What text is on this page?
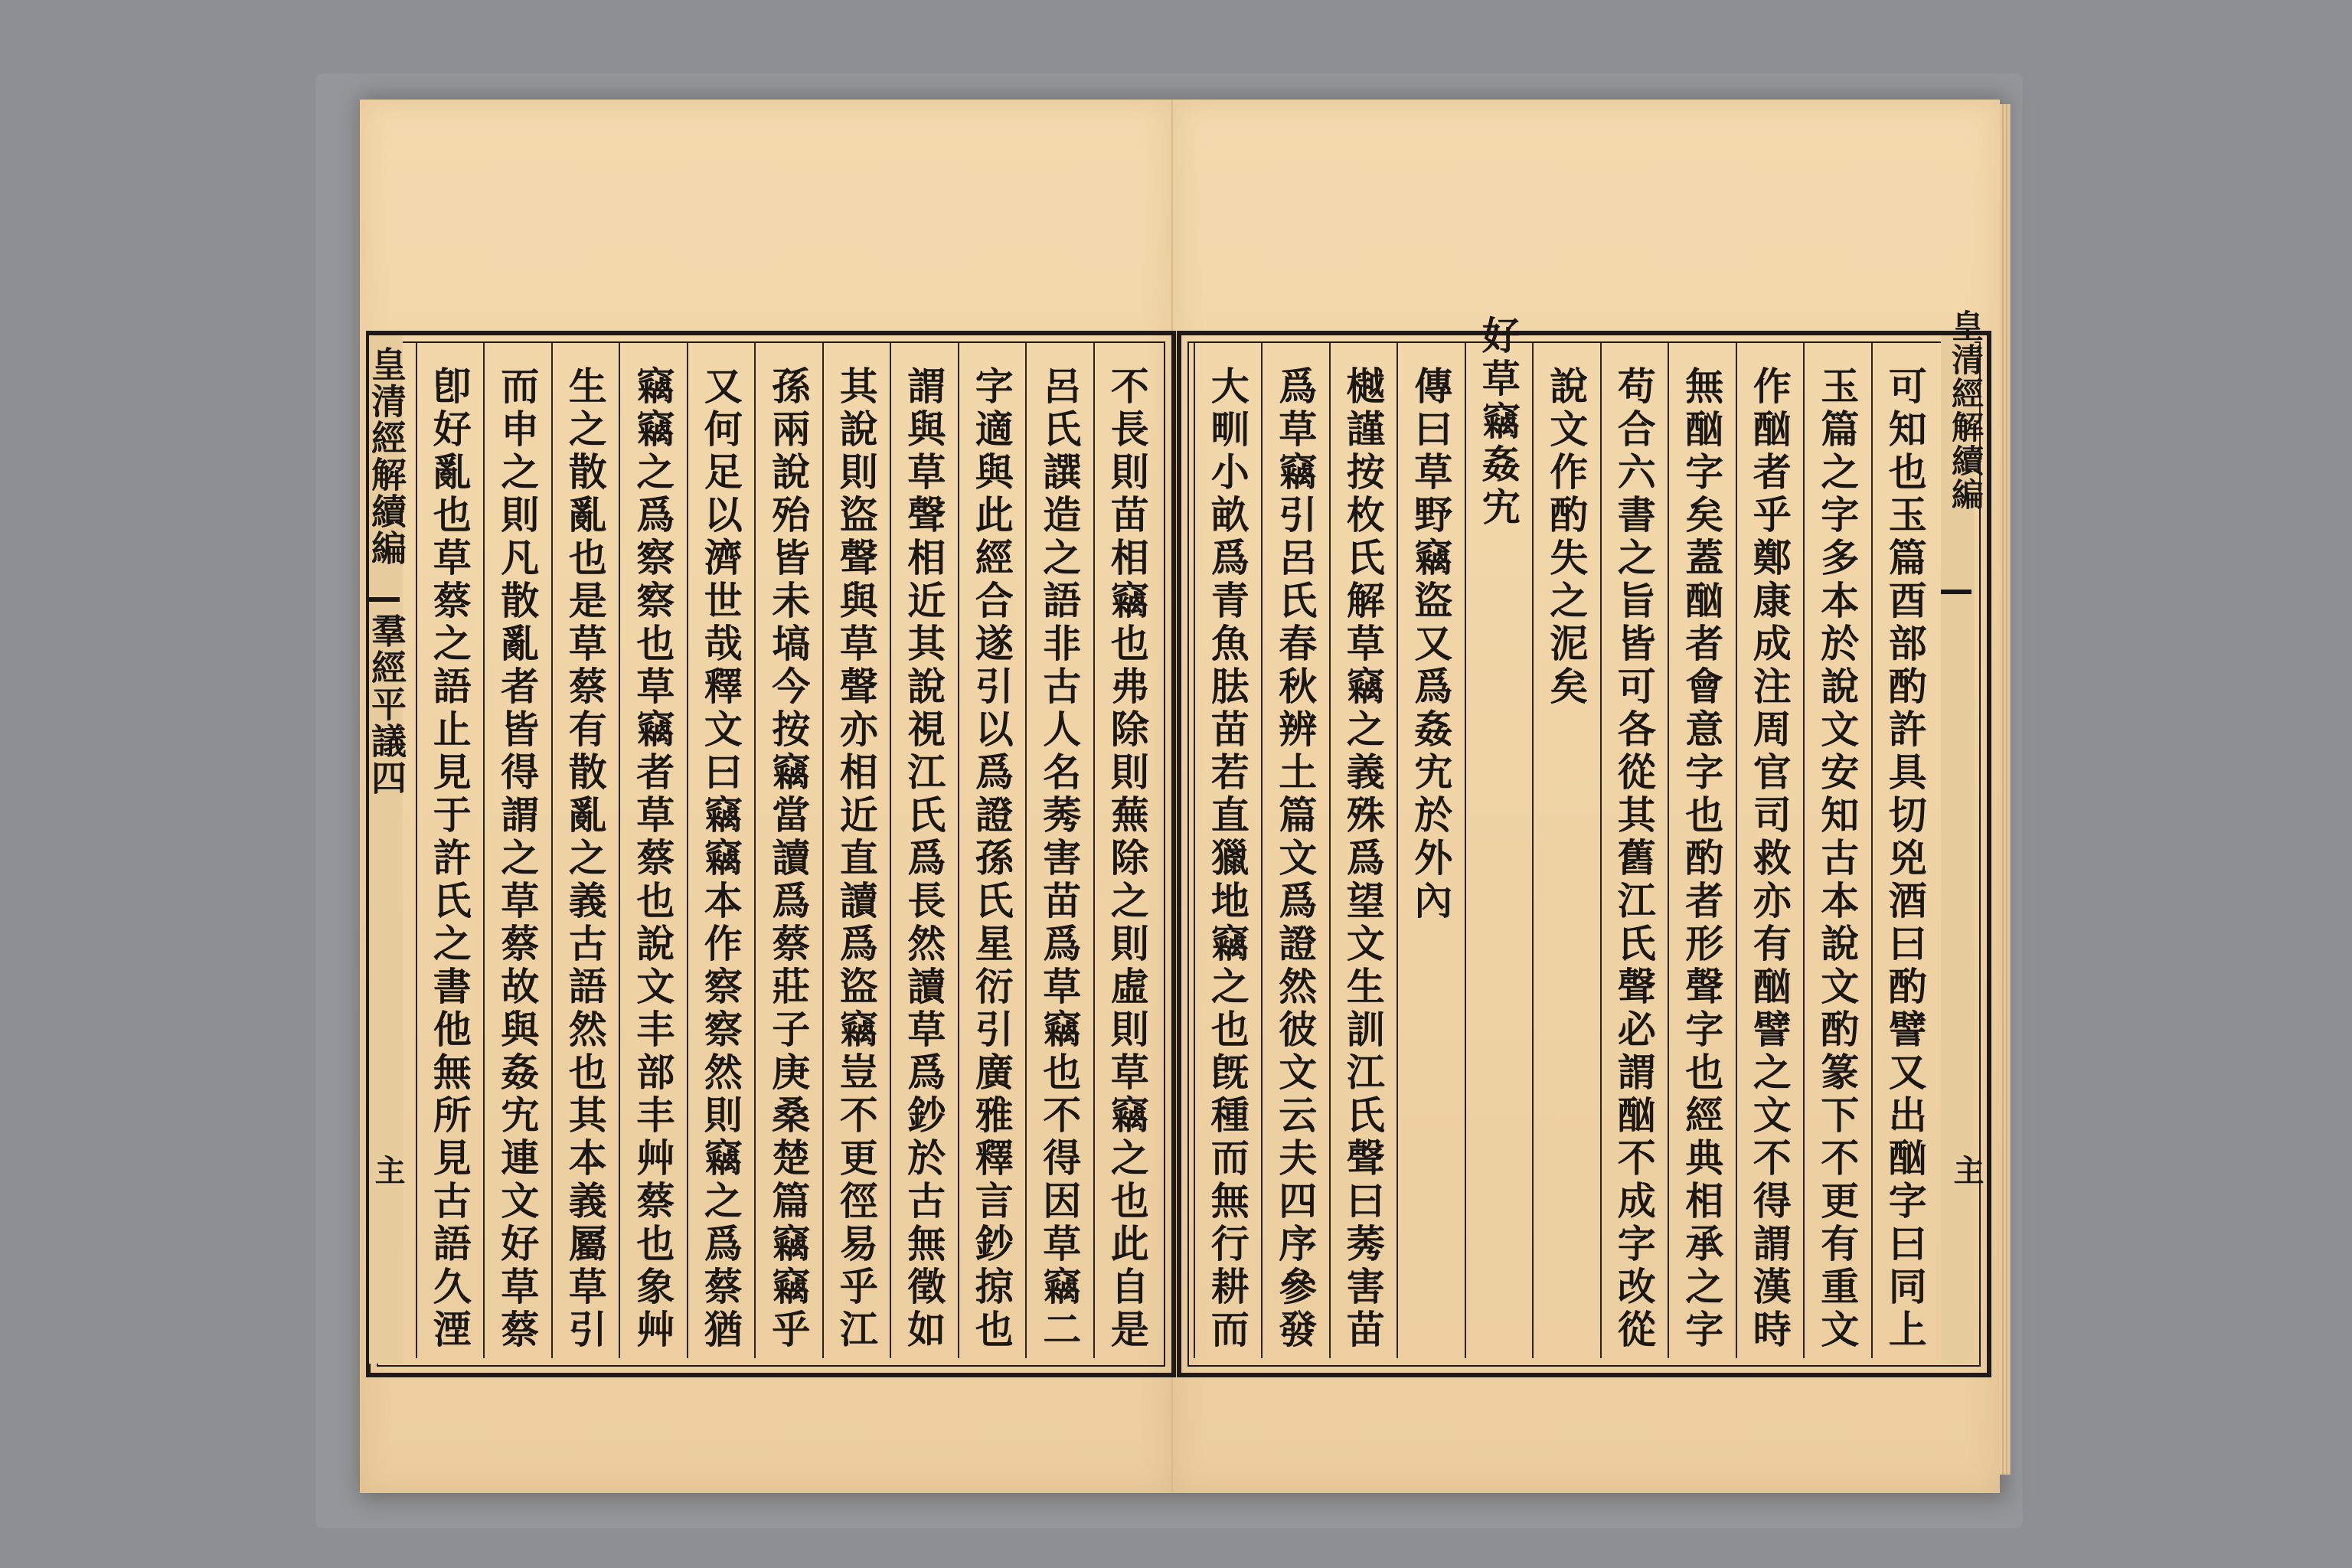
皇清經解續編
羣經平議四
主
皇清經解續編
主
不長則苗相竊也弗除則蕪除之則虛則草竊之也此自是
呂氏譔造之語非古人名莠害苗爲草竊也不得因草竊二
字適與此經合遂引以爲證孫氏星衍引廣雅釋言鈔掠也
謂與草聲相近其說視江氏爲長然讀草爲鈔於古無徵如
其說則盜聲與草聲亦相近直讀爲盜竊豈不更徑易乎江
孫兩說殆皆未塙今按竊當讀爲蔡莊子庚桑楚篇竊竊乎
又何足以濟世哉釋文曰竊竊本作察察然則竊之爲蔡猶
竊竊之爲察察也草竊者草蔡也說文丰部丰艸蔡也象艸
生之散亂也是草蔡有散亂之義古語然也其本義屬草引
而申之則凡散亂者皆得謂之草蔡故與姦宄連文好草蔡
卽好亂也草蔡之語止見于許氏之書他無所見古語久湮	可知也玉篇酉部酌許具切兇酒曰酌譬又出酗字曰同上
玉篇之字多本於說文安知古本說文酌篆下不更有重文
作酗者乎鄭康成注周官司救亦有酗譬之文不得謂漢時
無酗字矣蓋酗者會意字也酌者形聲字也經典相承之字
苟合六書之旨皆可各從其舊江氏聲必謂酗不成字改從
說文作酌失之泥矣
好草竊姦宄
傳曰草野竊盜又爲姦宄於外內
樾謹按枚氏解草竊之義殊爲望文生訓江氏聲曰莠害苗
爲草竊引呂氏春秋辨土篇文爲證然彼文云夫四序參發
大甽小畝爲青魚胠苗若直獵地竊之也旣種而無行耕而
